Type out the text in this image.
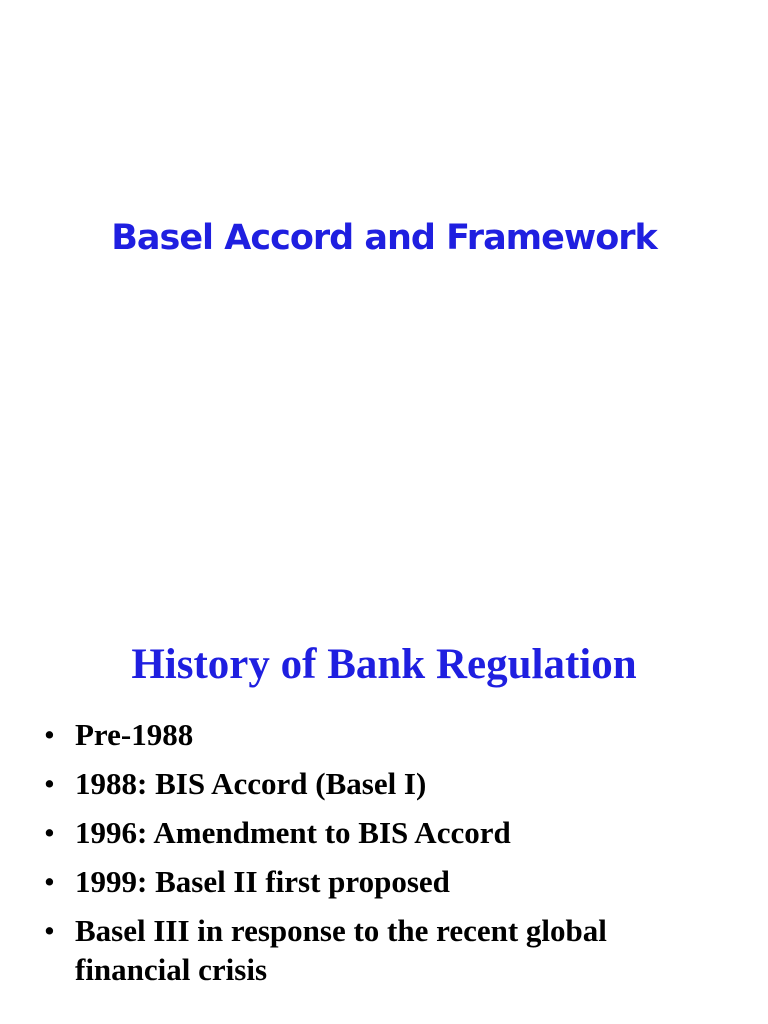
Basel Accord and Framework
History of Bank Regulation
• Pre-1988
• 1988: BIS Accord (Basel I)
• 1996: Amendment to BIS Accord
• 1999: Basel II first proposed
• Basel III in response to the recent global financial crisis
